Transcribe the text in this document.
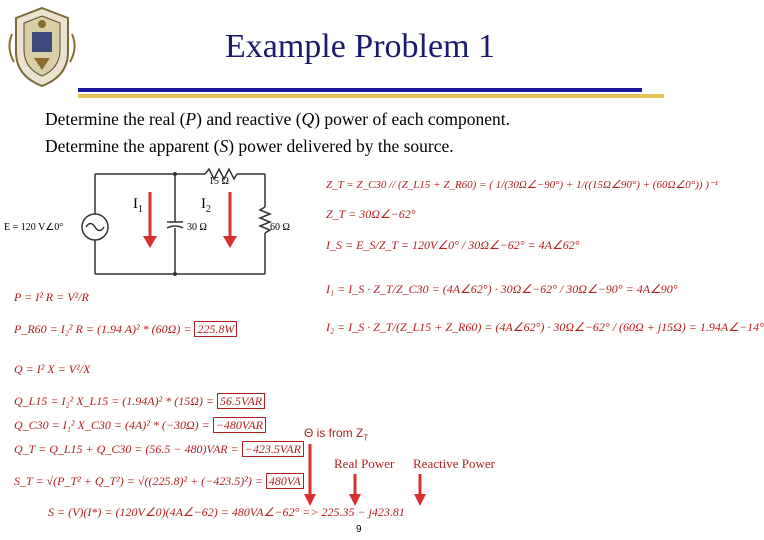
Example Problem 1
Determine the real (P) and reactive (Q) power of each component.
Determine the apparent (S) power delivered by the source.
E = 120 V∠0°
15 Ω
30 Ω	60 Ω
$I_1$	$I_2$
P = I² R = V²/R
P_R60 = I₂² R = (1.94 A)² * (60Ω) = 225.8W
Q = I² X = V²/X
Q_L15 = I₂² X_L15 = (1.94A)² * (15Ω) = 56.5VAR
Q_C30 = I₁² X_C30 = (4A)² * (−30Ω) = −480VAR
Q_T = Q_L15 + Q_C30 = (56.5 − 480)VAR = −423.5VAR
S_T = √(P_T² + Q_T²) = √((225.8)² + (−423.5)²) = 480VA
Z_T = Z_C30 // (Z_L15 + Z_R60) = ( 1/(30Ω∠−90°) + 1/((15Ω∠90°) + (60Ω∠0°)) )⁻¹
Z_T = 30Ω∠−62°
I_S = E_S/Z_T = 120V∠0° / 30Ω∠−62° = 4A∠62°
I₁ = I_S · Z_T/Z_C30 = (4A∠62°) · 30Ω∠−62° / 30Ω∠−90° = 4A∠90°
I₂ = I_S · Z_T/(Z_L15 + Z_R60) = (4A∠62°) · 30Ω∠−62° / (60Ω + j15Ω) = 1.94A∠−14°
Θ is from $Z_T$
Real Power Reactive Power
S = (V)(I*) = (120V∠0)(4A∠−62) = 480VA∠−62° => 225.35 − j423.81
9
